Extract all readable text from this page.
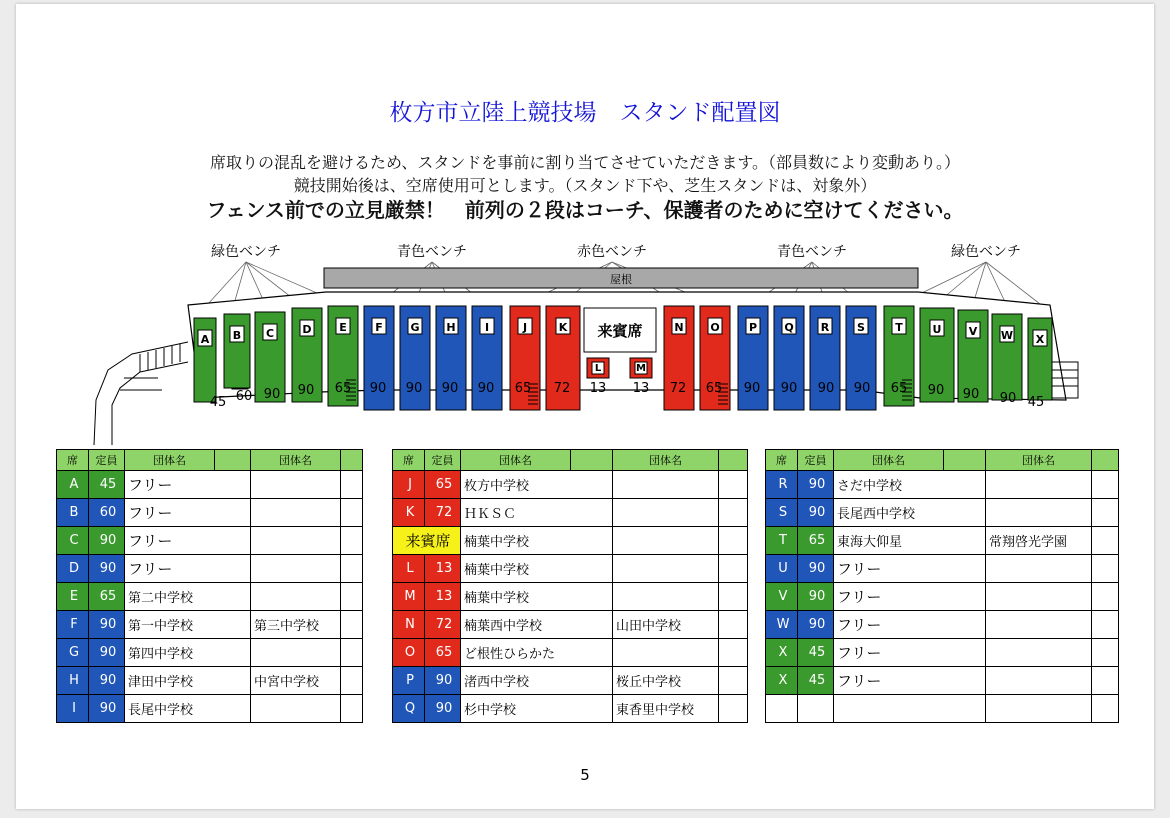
枚方市立陸上競技場　スタンド配置図
席取りの混乱を避けるため、スタンドを事前に割り当てさせていただきます。（部員数により変動あり。）
競技開始後は、空席使用可とします。（スタンド下や、芝生スタンドは、対象外）
フェンス前での立見厳禁！　前列の２段はコーチ、保護者のために空けてください。
緑色ベンチ	青色ベンチ	赤色ベンチ	青色ベンチ	緑色ベンチ
屋根
来賓席
A B C	D	E	F	G H	I	J	K
L	M
N O	P Q R	S	T	U V W X
45 60 90 90 65 90 90 90 90 65 72 13 13 72 65 90 90 90 90 65 90 90 90 45
席	定員	団体名		団体名	
A	45	フリー			
B	60	フリー			
C	90	フリー			
D	90	フリー			
E	65	第二中学校			
F	90	第一中学校		第三中学校	
G	90	第四中学校			
H	90	津田中学校		中宮中学校	
I	90	長尾中学校			
席	定員	団体名		団体名	
J	65	枚方中学校			
K	72	ＨＫＳＣ			
来賓席		楠葉中学校			
L	13	楠葉中学校			
M	13	楠葉中学校			
N	72	楠葉西中学校		山田中学校	
O	65	ど根性ひらかた			
P	90	渚西中学校		桜丘中学校	
Q	90	杉中学校		東香里中学校	
席	定員	団体名		団体名	
R	90	さだ中学校			
S	90	長尾西中学校			
T	65	東海大仰星		常翔啓光学園	
U	90	フリー			
V	90	フリー			
W	90	フリー			
X	45	フリー			
X	45	フリー			

5
